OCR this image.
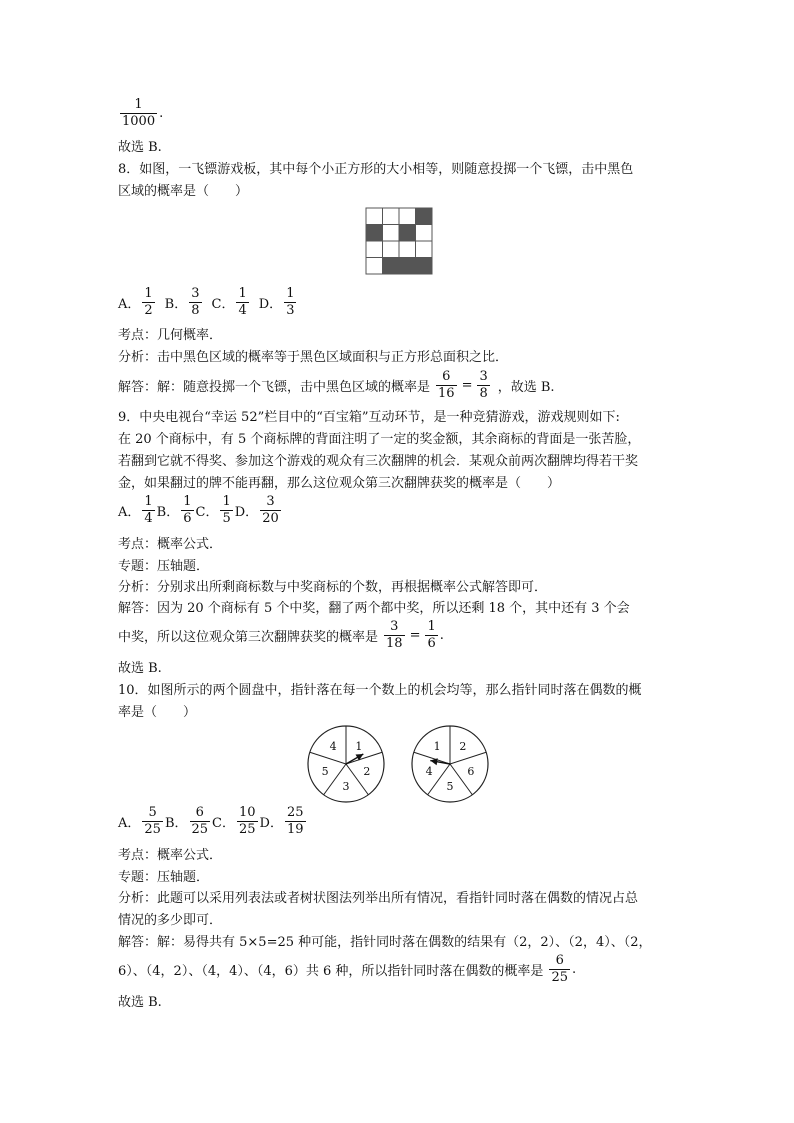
$\frac{1}{1000}$ .
故选 B.
8．如图，一飞镖游戏板，其中每个小正方形的大小相等，则随意投掷一个飞镖，击中黑色
区域的概率是（　　）
A． $\frac{1}{2}$ B． $\frac{3}{8}$ C． $\frac{1}{4}$ D． $\frac{1}{3}$
考点：几何概率．
分析：击中黑色区域的概率等于黑色区域面积与正方形总面积之比．
解答：解：随意投掷一个飞镖，击中黑色区域的概率是 $\frac{6}{16} = \frac{3}{8}$ ，故选 B.
9．中央电视台“幸运 52”栏目中的“百宝箱”互动环节，是一种竞猜游戏，游戏规则如下:
在 20 个商标中，有 5 个商标牌的背面注明了一定的奖金额，其余商标的背面是一张苦脸，
若翻到它就不得奖、参加这个游戏的观众有三次翻牌的机会．某观众前两次翻牌均得若干奖
金，如果翻过的牌不能再翻，那么这位观众第三次翻牌获奖的概率是（　　）
A． $\frac{1}{4}$ B． $\frac{1}{6}$ C． $\frac{1}{5}$ D． $\frac{3}{20}$
考点：概率公式．
专题：压轴题．
分析：分别求出所剩商标数与中奖商标的个数，再根据概率公式解答即可．
解答：因为 20 个商标有 5 个中奖，翻了两个都中奖，所以还剩 18 个，其中还有 3 个会
中奖，所以这位观众第三次翻牌获奖的概率是 $\frac{3}{18} = \frac{1}{6}$ .
故选 B.
10．如图所示的两个圆盘中，指针落在每一个数上的机会均等，那么指针同时落在偶数的概
率是（　　）
1
2
3
5
4	2
6
5
4
1
A． $\frac{5}{25}$ B． $\frac{6}{25}$ C． $\frac{10}{25}$ D． $\frac{25}{19}$
考点：概率公式．
专题：压轴题．
分析：此题可以采用列表法或者树状图法列举出所有情况，看指针同时落在偶数的情况占总
情况的多少即可．
解答：解：易得共有 5×5=25 种可能，指针同时落在偶数的结果有（2，2）、（2，4）、（2，
6）、（4，2）、（4，4）、（4，6）共 6 种，所以指针同时落在偶数的概率是 $\frac{6}{25}$ .
故选 B.
